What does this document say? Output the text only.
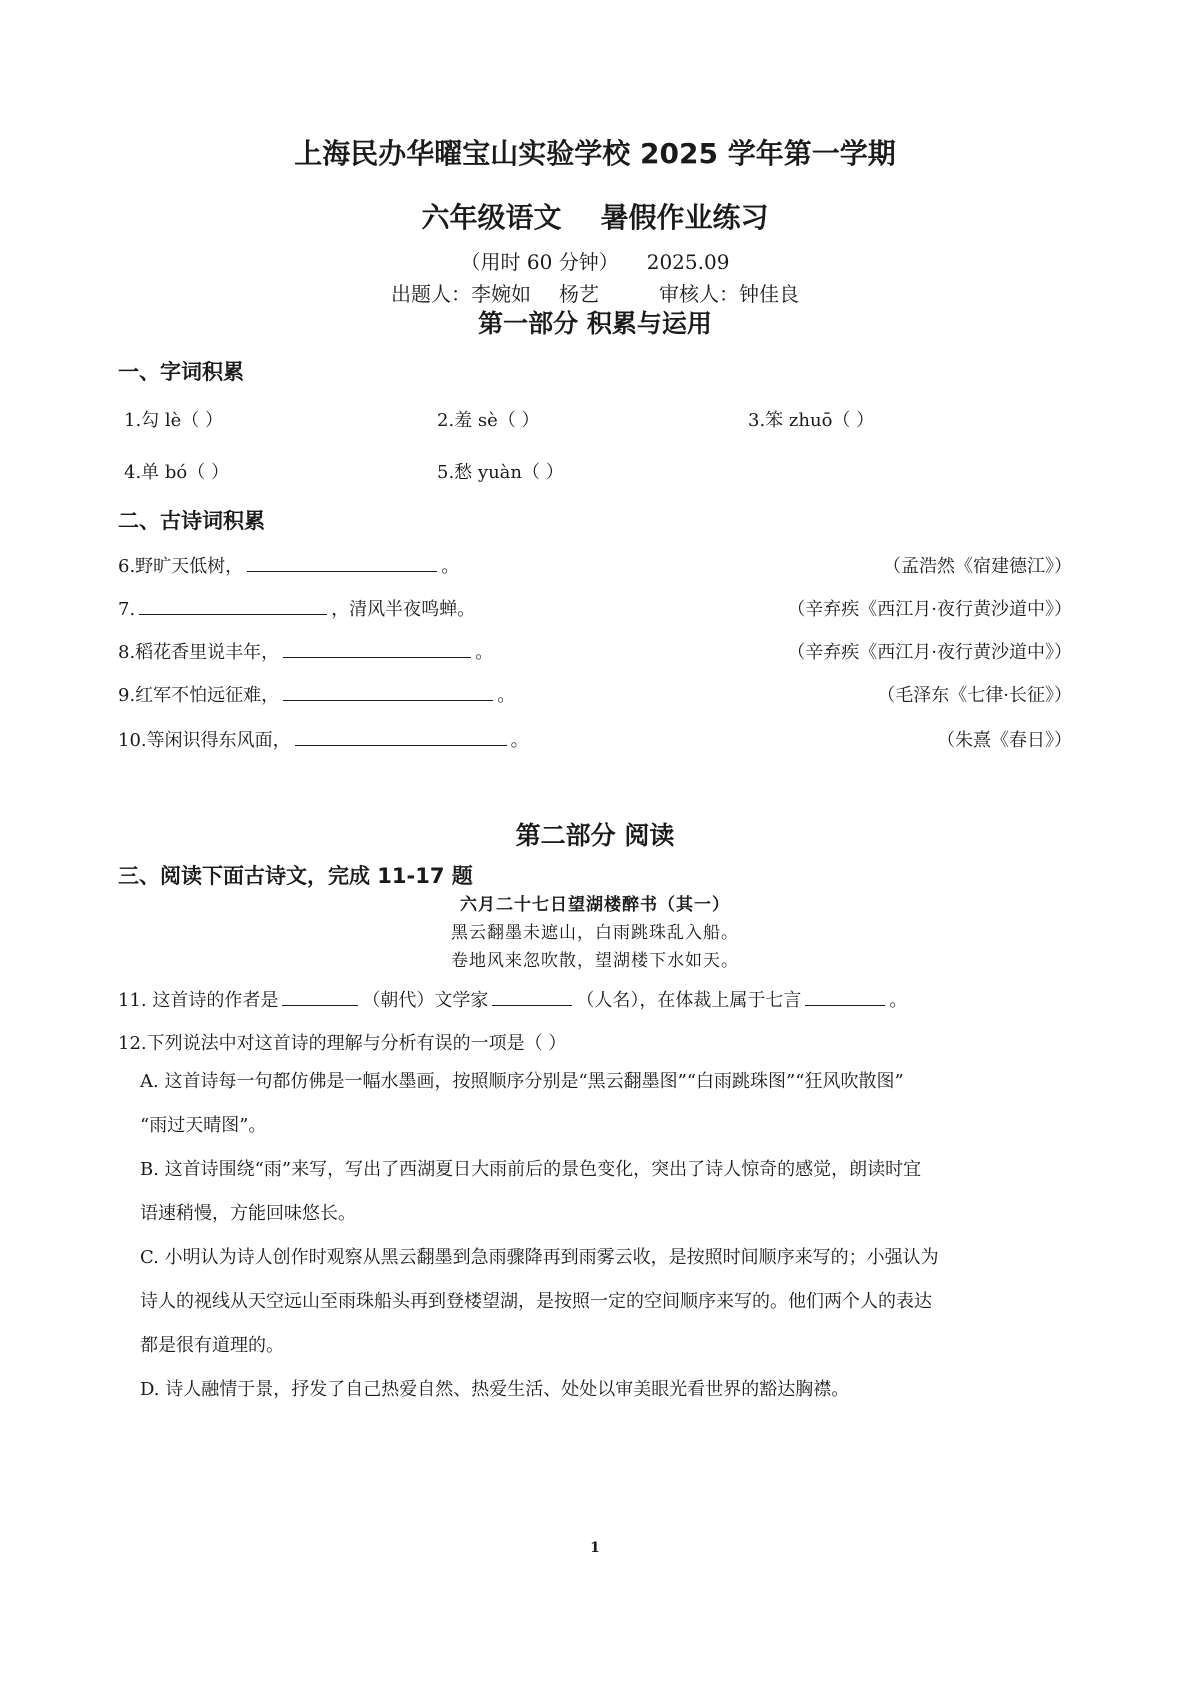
上海民办华曜宝山实验学校 2025 学年第一学期
六年级语文    暑假作业练习
（用时 60 分钟） 2025.09
出题人：李婉如 杨艺	审核人：钟佳良
第一部分 积累与运用
一、字词积累
1.勾 lè（ ）	2.羞 sè（ ）	3.笨 zhuō（ ）
4.单 bó（ ）	5.愁 yuàn（ ）
二、古诗词积累
6.野旷天低树，	。	（孟浩然《宿建德江》）
7.	，清风半夜鸣蝉。	（辛弃疾《西江月·夜行黄沙道中》）
8.稻花香里说丰年，	。	（辛弃疾《西江月·夜行黄沙道中》）
9.红军不怕远征难，	。	（毛泽东《七律·长征》）
10.等闲识得东风面，	。	（朱熹《春日》）
第二部分 阅读
三、阅读下面古诗文，完成 11-17 题
六月二十七日望湖楼醉书（其一）
黑云翻墨未遮山，白雨跳珠乱入船。
卷地风来忽吹散，望湖楼下水如天。
11. 这首诗的作者是	（朝代）文学家	（人名），在体裁上属于七言	。
12.下列说法中对这首诗的理解与分析有误的一项是（ ）
A. 这首诗每一句都仿佛是一幅水墨画，按照顺序分别是“黑云翻墨图”“白雨跳珠图”“狂风吹散图”
“雨过天晴图”。
B. 这首诗围绕“雨”来写，写出了西湖夏日大雨前后的景色变化，突出了诗人惊奇的感觉，朗读时宜
语速稍慢，方能回味悠长。
C. 小明认为诗人创作时观察从黑云翻墨到急雨骤降再到雨雾云收，是按照时间顺序来写的；小强认为
诗人的视线从天空远山至雨珠船头再到登楼望湖，是按照一定的空间顺序来写的。他们两个人的表达
都是很有道理的。
D. 诗人融情于景，抒发了自己热爱自然、热爱生活、处处以审美眼光看世界的豁达胸襟。
1
